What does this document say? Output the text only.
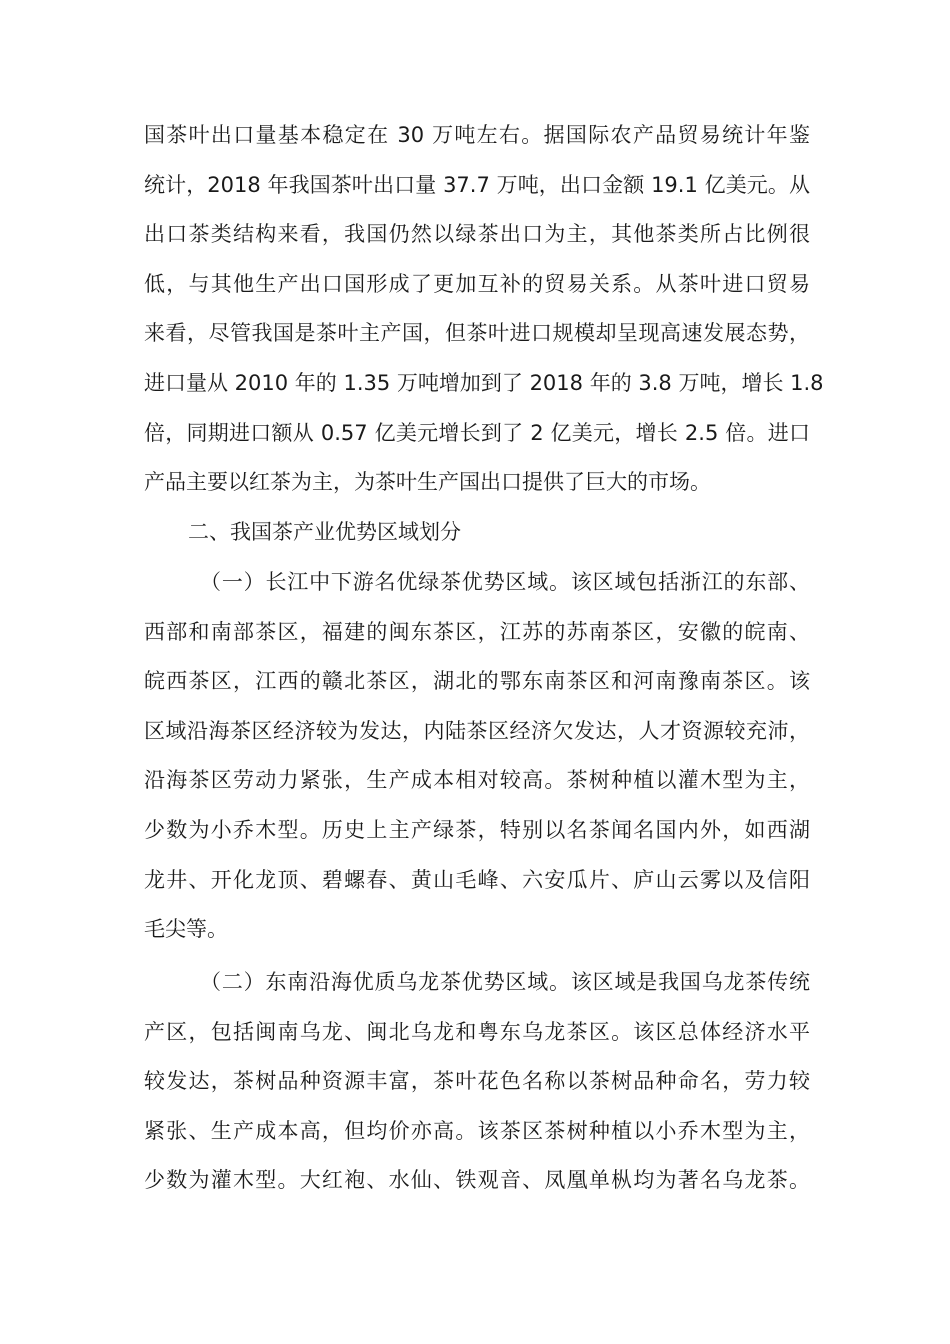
国茶叶出口量基本稳定在 30 万吨左右。据国际农产品贸易统计年鉴
统计，2018 年我国茶叶出口量 37.7 万吨，出口金额 19.1 亿美元。从
出口茶类结构来看，我国仍然以绿茶出口为主，其他茶类所占比例很
低，与其他生产出口国形成了更加互补的贸易关系。从茶叶进口贸易
来看，尽管我国是茶叶主产国，但茶叶进口规模却呈现高速发展态势，
进口量从 2010 年的 1.35 万吨增加到了 2018 年的 3.8 万吨，增长 1.8
倍，同期进口额从 0.57 亿美元增长到了 2 亿美元，增长 2.5 倍。进口
产品主要以红茶为主，为茶叶生产国出口提供了巨大的市场。
二、我国茶产业优势区域划分
（一）长江中下游名优绿茶优势区域。该区域包括浙江的东部、
西部和南部茶区，福建的闽东茶区，江苏的苏南茶区，安徽的皖南、
皖西茶区，江西的赣北茶区，湖北的鄂东南茶区和河南豫南茶区。该
区域沿海茶区经济较为发达，内陆茶区经济欠发达，人才资源较充沛，
沿海茶区劳动力紧张，生产成本相对较高。茶树种植以灌木型为主，
少数为小乔木型。历史上主产绿茶，特别以名茶闻名国内外，如西湖
龙井、开化龙顶、碧螺春、黄山毛峰、六安瓜片、庐山云雾以及信阳
毛尖等。
（二）东南沿海优质乌龙茶优势区域。该区域是我国乌龙茶传统
产区，包括闽南乌龙、闽北乌龙和粤东乌龙茶区。该区总体经济水平
较发达，茶树品种资源丰富，茶叶花色名称以茶树品种命名，劳力较
紧张、生产成本高，但均价亦高。该茶区茶树种植以小乔木型为主，
少数为灌木型。大红袍、水仙、铁观音、凤凰单枞均为著名乌龙茶。
